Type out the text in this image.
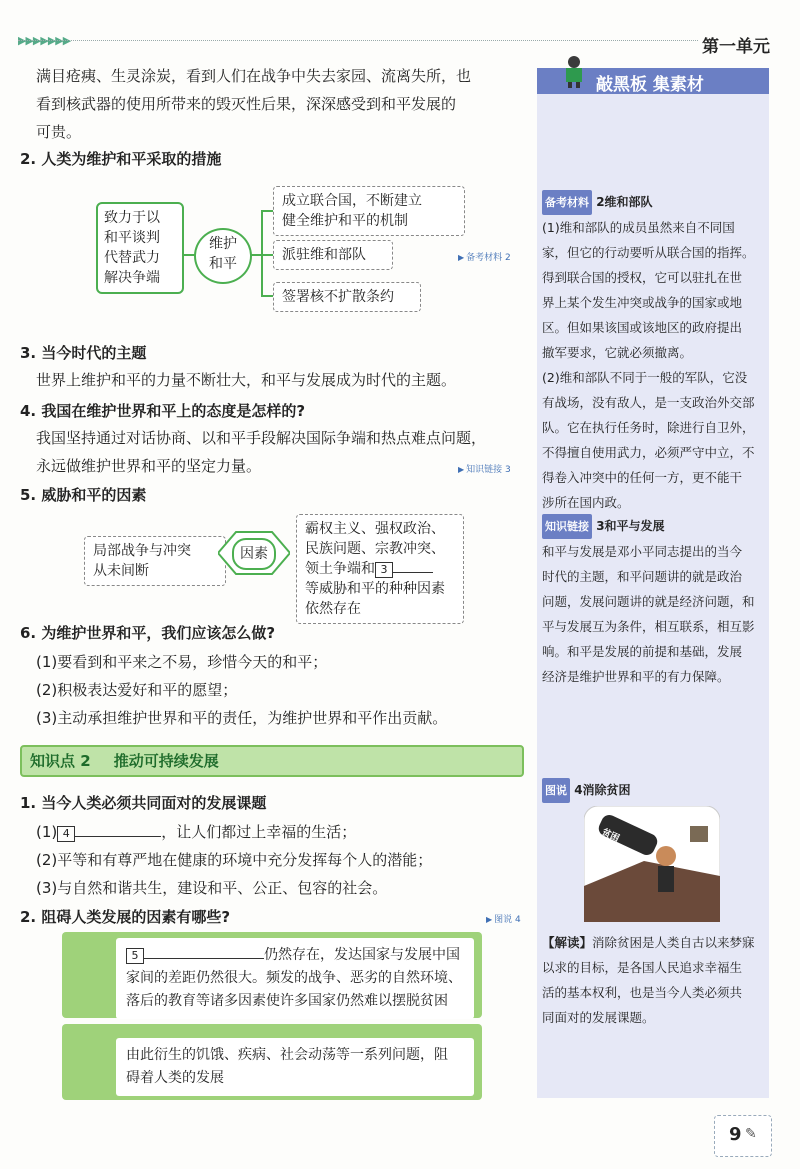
▶▶▶▶▶▶▶	第一单元
满目疮痍、生灵涂炭，看到人们在战争中失去家园、流离失所，也
看到核武器的使用所带来的毁灭性后果，深深感受到和平发展的
可贵。
2. 人类为维护和平采取的措施
致力于以
和平谈判
代替武力
解决争端
维护
和平
成立联合国，不断建立
健全维护和平的机制
派驻维和部队
签署核不扩散条约
▶ 备考材料 2
3. 当今时代的主题
世界上维护和平的力量不断壮大，和平与发展成为时代的主题。
4. 我国在维护世界和平上的态度是怎样的?
我国坚持通过对话协商、以和平手段解决国际争端和热点难点问题，
永远做维护世界和平的坚定力量。	▶ 知识链接 3
5. 威胁和平的因素
局部战争与冲突
从未间断
因素
霸权主义、强权政治、
民族问题、宗教冲突、
领土争端和 3
等威胁和平的种种因素
依然存在
6. 为维护世界和平，我们应该怎么做?
(1)要看到和平来之不易，珍惜今天的和平；
(2)积极表达爱好和平的愿望；
(3)主动承担维护世界和平的责任，为维护世界和平作出贡献。
知识点 2 推动可持续发展
1. 当今人类必须共同面对的发展课题
(1) 4	，让人们都过上幸福的生活；
(2)平等和有尊严地在健康的环境中充分发挥每个人的潜能；
(3)与自然和谐共生，建设和平、公正、包容的社会。
2. 阻碍人类发展的因素有哪些?	▶ 图说 4
5	仍然存在，发达国家与发展中国
家间的差距仍然很大。频发的战争、恶劣的自然环境、
落后的教育等诸多因素使许多国家仍然难以摆脱贫困
由此衍生的饥饿、疾病、社会动荡等一系列问题，阻
碍着人类的发展
敲黑板 集素材
备考材料 2维和部队
(1)维和部队的成员虽然来自不同国
家，但它的行动要听从联合国的指挥。
得到联合国的授权，它可以驻扎在世
界上某个发生冲突或战争的国家或地
区。但如果该国或该地区的政府提出
撤军要求，它就必须撤离。
(2)维和部队不同于一般的军队，它没
有战场，没有敌人，是一支政治外交部
队。它在执行任务时，除进行自卫外，
不得擅自使用武力，必须严守中立，不
得卷入冲突中的任何一方，更不能干
涉所在国内政。
知识链接 3和平与发展
和平与发展是邓小平同志提出的当今
时代的主题，和平问题讲的就是政治
问题，发展问题讲的就是经济问题，和
平与发展互为条件，相互联系，相互影
响。和平是发展的前提和基础，发展
经济是维护世界和平的有力保障。
图说 4消除贫困
贫困
【解读】消除贫困是人类自古以来梦寐
以求的目标，是各国人民追求幸福生
活的基本权利，也是当今人类必须共
同面对的发展课题。
9 ✎
